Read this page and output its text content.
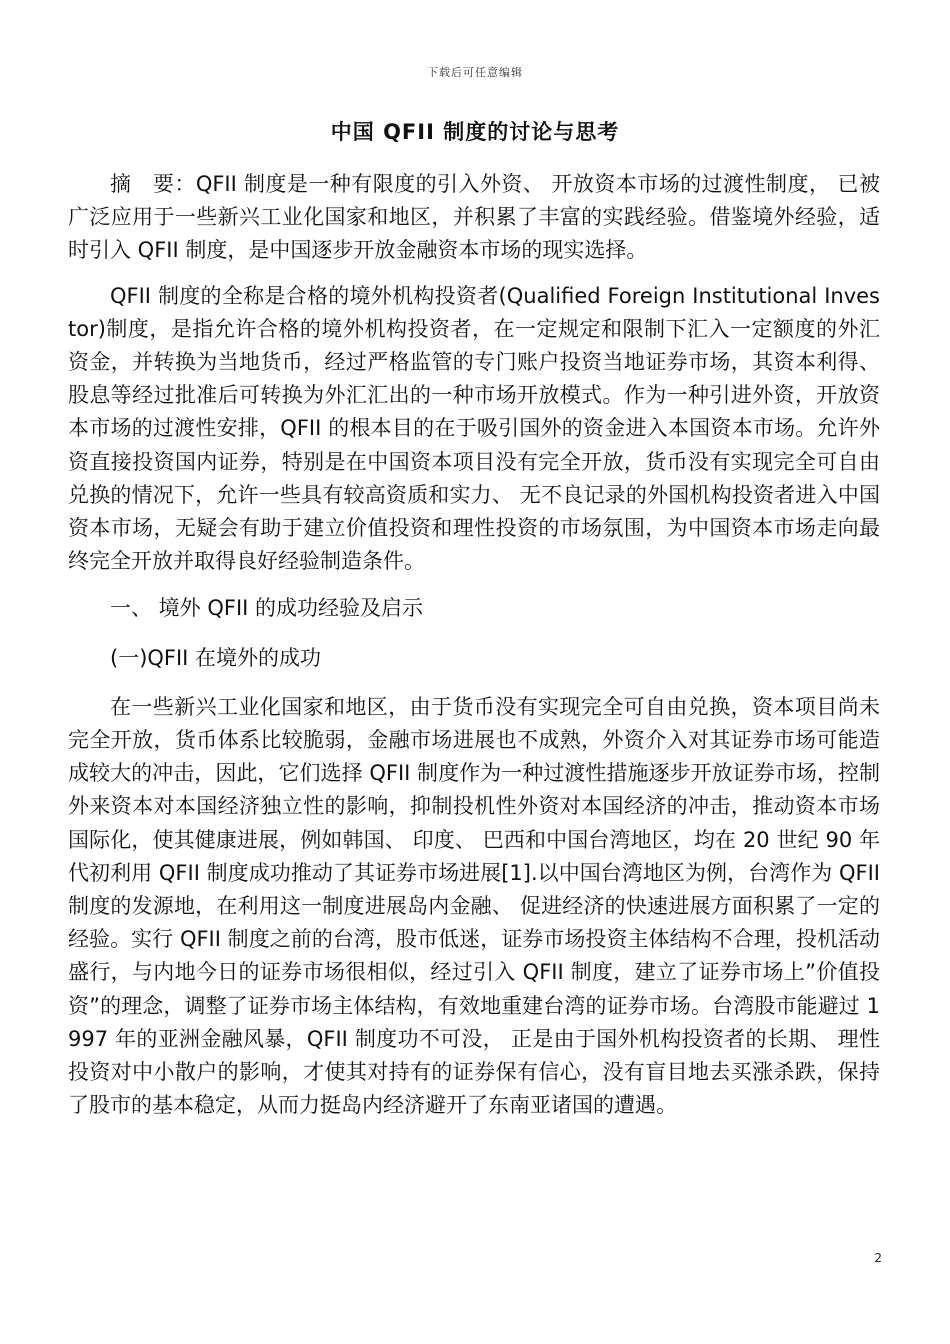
下载后可任意编辑
中国 QFII 制度的讨论与思考

摘　要：QFII 制度是一种有限度的引入外资、 开放资本市场的过渡性制度， 已被广泛应用于一些新兴工业化国家和地区，并积累了丰富的实践经验。借鉴境外经验，适时引入 QFII 制度，是中国逐步开放金融资本市场的现实选择。

QFII 制度的全称是合格的境外机构投资者(Qualified Foreign Institutional Investor)制度，是指允许合格的境外机构投资者，在一定规定和限制下汇入一定额度的外汇资金，并转换为当地货币，经过严格监管的专门账户投资当地证券市场，其资本利得、 股息等经过批准后可转换为外汇汇出的一种市场开放模式。作为一种引进外资，开放资本市场的过渡性安排，QFII 的根本目的在于吸引国外的资金进入本国资本市场。允许外资直接投资国内证券，特别是在中国资本项目没有完全开放，货币没有实现完全可自由兑换的情况下，允许一些具有较高资质和实力、 无不良记录的外国机构投资者进入中国资本市场，无疑会有助于建立价值投资和理性投资的市场氛围，为中国资本市场走向最终完全开放并取得良好经验制造条件。

一、 境外 QFII 的成功经验及启示

(一)QFII 在境外的成功

在一些新兴工业化国家和地区，由于货币没有实现完全可自由兑换，资本项目尚未完全开放，货币体系比较脆弱，金融市场进展也不成熟，外资介入对其证券市场可能造成较大的冲击，因此，它们选择 QFII 制度作为一种过渡性措施逐步开放证券市场，控制外来资本对本国经济独立性的影响，抑制投机性外资对本国经济的冲击，推动资本市场国际化，使其健康进展，例如韩国、 印度、 巴西和中国台湾地区，均在 20 世纪 90 年代初利用 QFII 制度成功推动了其证券市场进展[1].以中国台湾地区为例，台湾作为 QFII 制度的发源地，在利用这一制度进展岛内金融、 促进经济的快速进展方面积累了一定的经验。实行 QFII 制度之前的台湾，股市低迷，证券市场投资主体结构不合理，投机活动盛行，与内地今日的证券市场很相似，经过引入 QFII 制度，建立了证券市场上”价值投资”的理念，调整了证券市场主体结构，有效地重建台湾的证券市场。台湾股市能避过 1997 年的亚洲金融风暴，QFII 制度功不可没， 正是由于国外机构投资者的长期、 理性投资对中小散户的影响，才使其对持有的证券保有信心，没有盲目地去买涨杀跌，保持了股市的基本稳定，从而力挺岛内经济避开了东南亚诸国的遭遇。

2
